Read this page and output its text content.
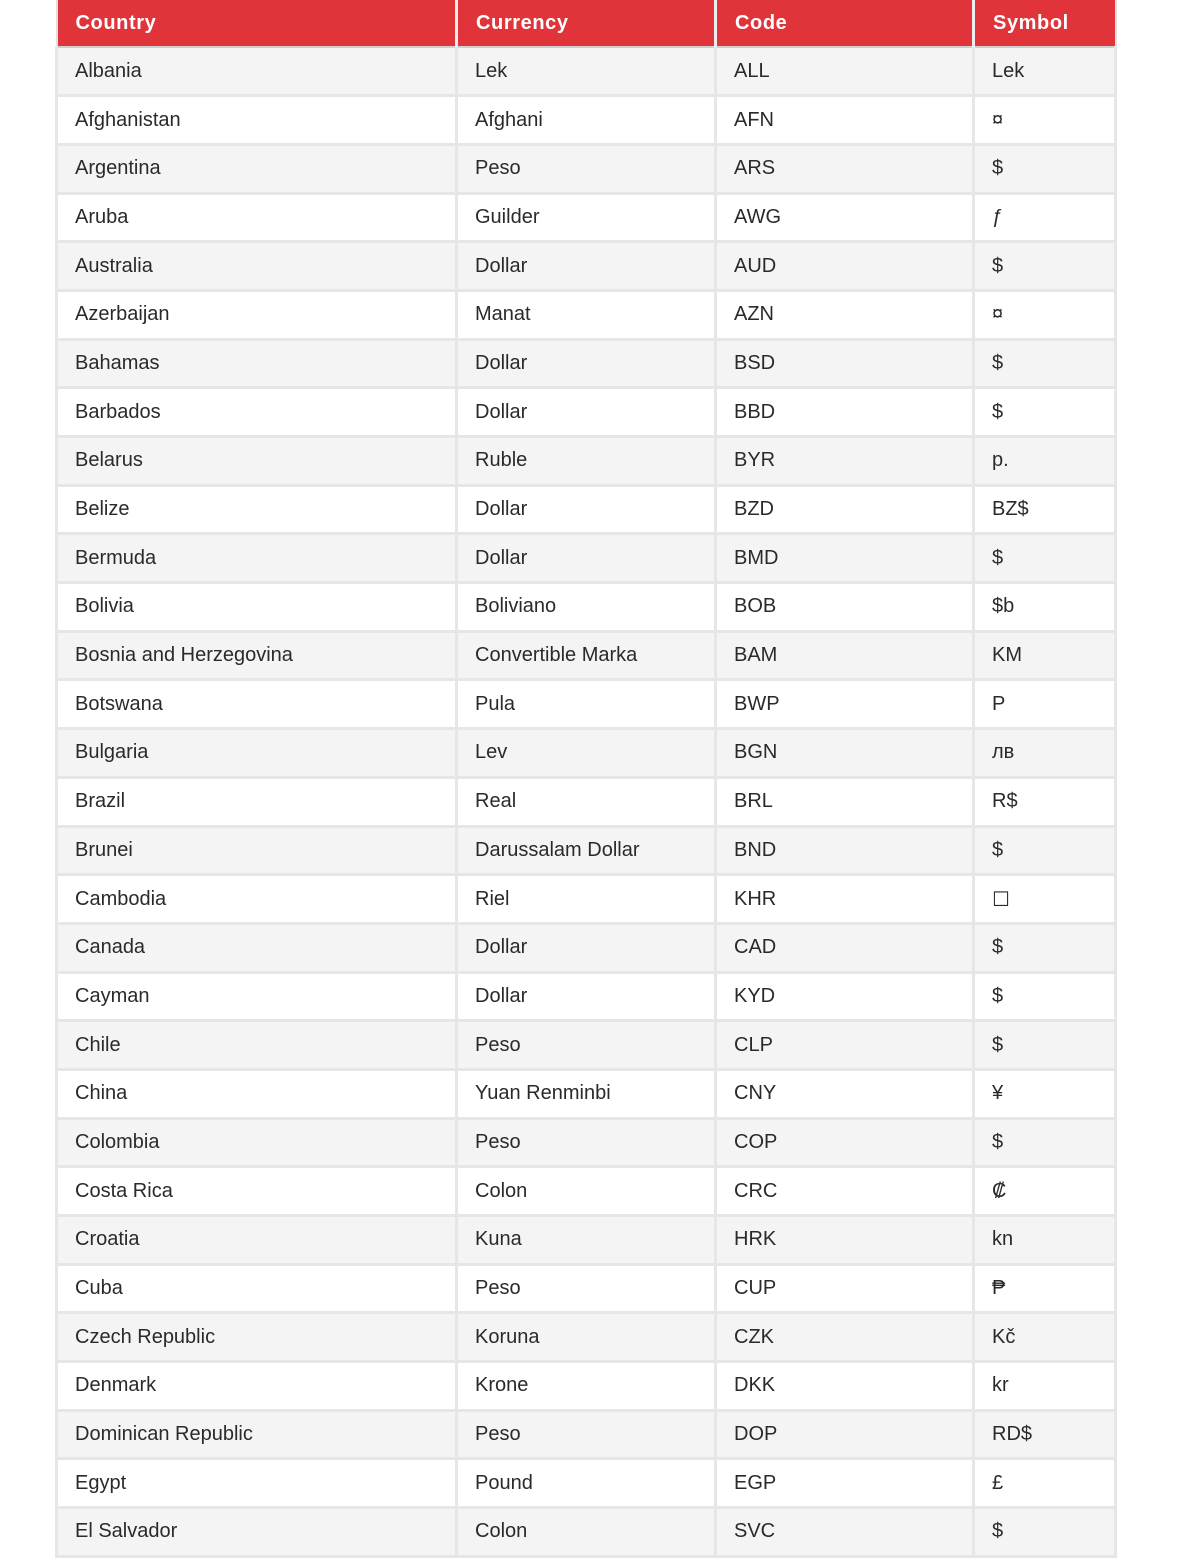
Country	Currency	Code	Symbol
Albania	Lek	ALL	Lek
Afghanistan	Afghani	AFN	¤
Argentina	Peso	ARS	$
Aruba	Guilder	AWG	ƒ
Australia	Dollar	AUD	$
Azerbaijan	Manat	AZN	¤
Bahamas	Dollar	BSD	$
Barbados	Dollar	BBD	$
Belarus	Ruble	BYR	p.
Belize	Dollar	BZD	BZ$
Bermuda	Dollar	BMD	$
Bolivia	Boliviano	BOB	$b
Bosnia and Herzegovina	Convertible Marka	BAM	KM
Botswana	Pula	BWP	P
Bulgaria	Lev	BGN	лв
Brazil	Real	BRL	R$
Brunei	Darussalam Dollar	BND	$
Cambodia	Riel	KHR	☐
Canada	Dollar	CAD	$
Cayman	Dollar	KYD	$
Chile	Peso	CLP	$
China	Yuan Renminbi	CNY	¥
Colombia	Peso	COP	$
Costa Rica	Colon	CRC	₡
Croatia	Kuna	HRK	kn
Cuba	Peso	CUP	₱
Czech Republic	Koruna	CZK	Kč
Denmark	Krone	DKK	kr
Dominican Republic	Peso	DOP	RD$
Egypt	Pound	EGP	£
El Salvador	Colon	SVC	$
